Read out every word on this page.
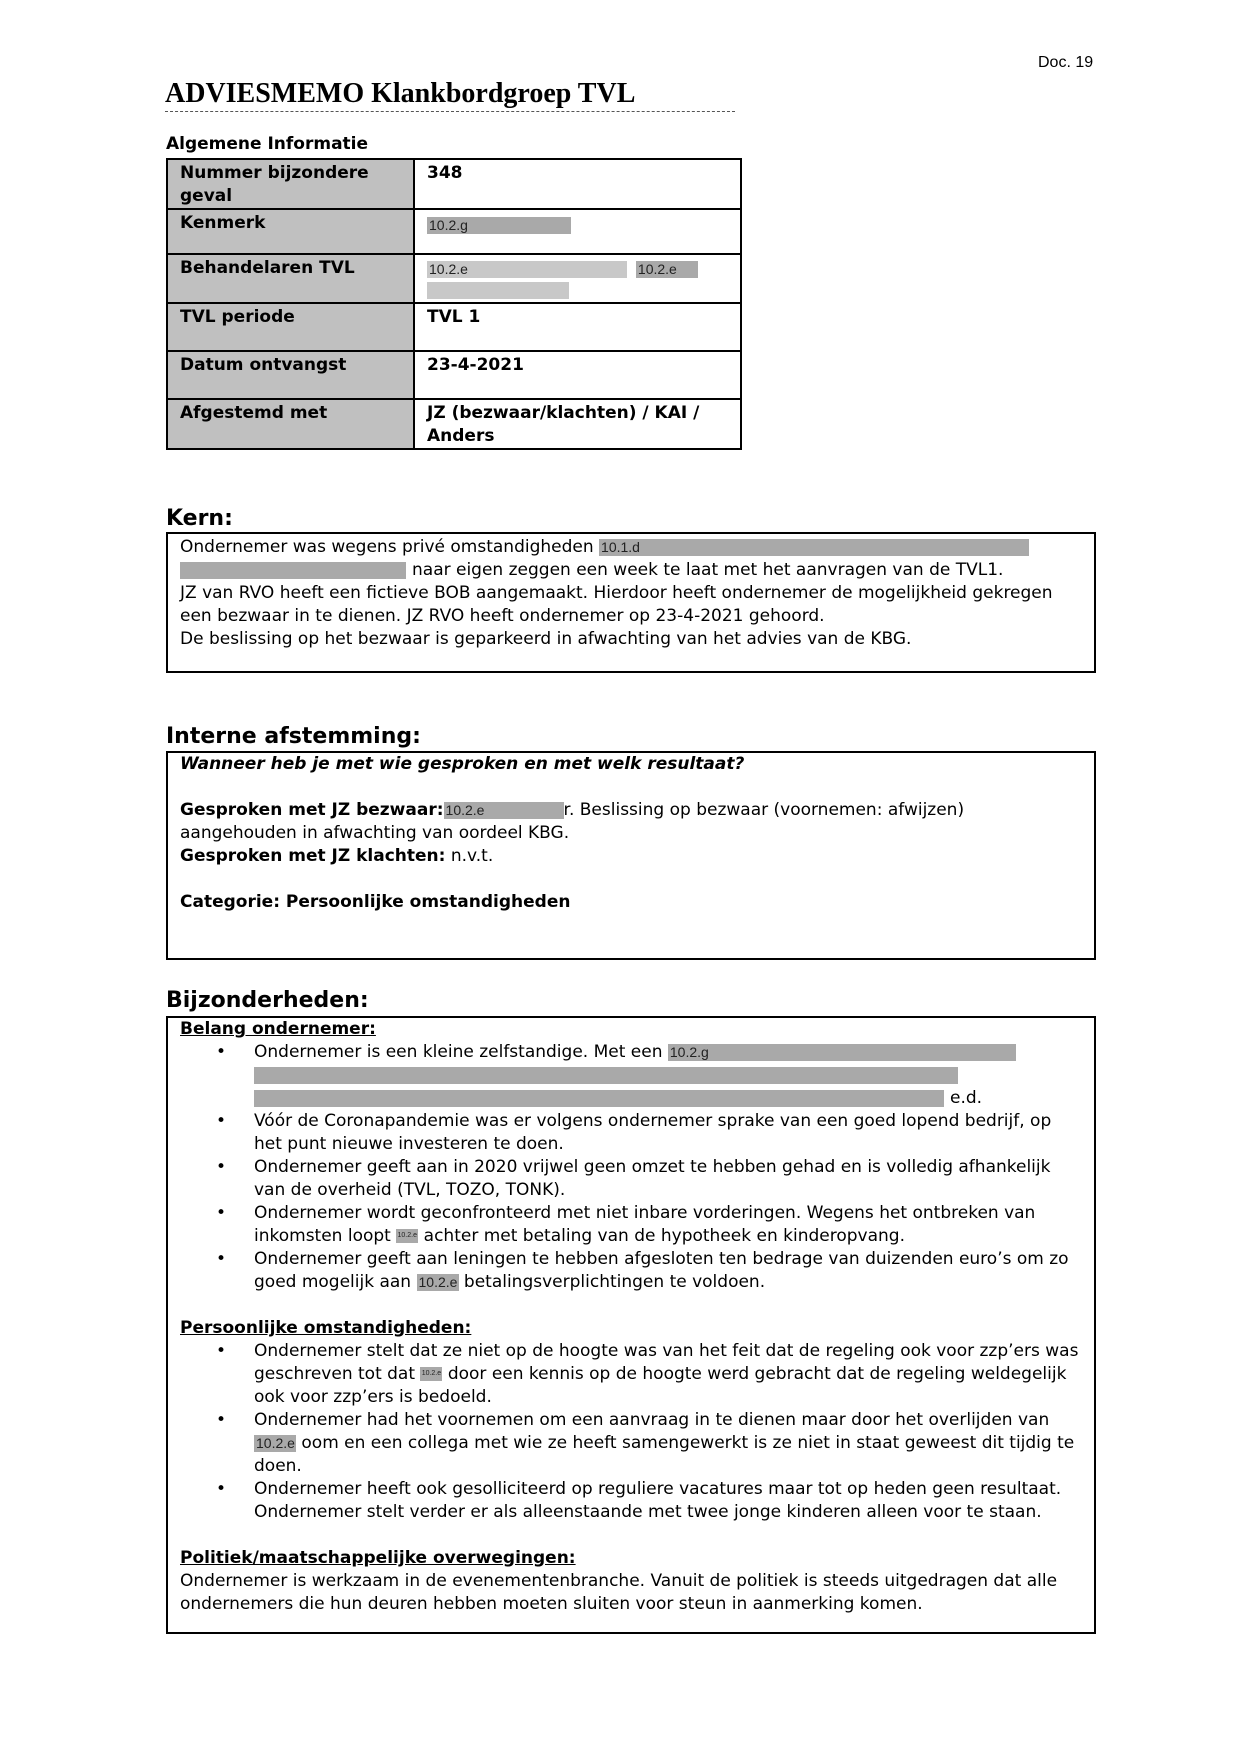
Doc. 19
ADVIESMEMO Klankbordgroep TVL
Algemene Informatie
Nummer bijzondere geval	348
Kenmerk	10.2.g
Behandelaren TVL	10.2.e 10.2.e

TVL periode	TVL 1
Datum ontvangst	23-4-2021
Afgestemd met	JZ (bezwaar/klachten) / KAI / Anders
Kern:

Ondernemer was wegens privé omstandigheden 10.1.d
naar eigen zeggen een week te laat met het aanvragen van de TVL1.
JZ van RVO heeft een fictieve BOB aangemaakt. Hierdoor heeft ondernemer de mogelijkheid gekregen een bezwaar in te dienen. JZ RVO heeft ondernemer op 23-4-2021 gehoord.
De beslissing op het bezwaar is geparkeerd in afwachting van het advies van de KBG.

Interne afstemming:

Wanneer heb je met wie gesproken en met welk resultaat?

Gesproken met JZ bezwaar: 10.2.e	r. Beslissing op bezwaar (voornemen: afwijzen) aangehouden in afwachting van oordeel KBG.

Gesproken met JZ klachten: n.v.t.

Categorie: Persoonlijke omstandigheden

Bijzonderheden:

Belang ondernemer:

• Ondernemer is een kleine zelfstandige. Met een 10.2.g

e.d.
• Vóór de Coronapandemie was er volgens ondernemer sprake van een goed lopend bedrijf, op het punt nieuwe investeren te doen.
• Ondernemer geeft aan in 2020 vrijwel geen omzet te hebben gehad en is volledig afhankelijk van de overheid (TVL, TOZO, TONK).
• Ondernemer wordt geconfronteerd met niet inbare vorderingen. Wegens het ontbreken van inkomsten loopt 10.2.e achter met betaling van de hypotheek en kinderopvang.
• Ondernemer geeft aan leningen te hebben afgesloten ten bedrage van duizenden euro’s om zo goed mogelijk aan 10.2.e betalingsverplichtingen te voldoen.

Persoonlijke omstandigheden:

• Ondernemer stelt dat ze niet op de hoogte was van het feit dat de regeling ook voor zzp’ers was geschreven tot dat 10.2.e door een kennis op de hoogte werd gebracht dat de regeling weldegelijk ook voor zzp’ers is bedoeld.
• Ondernemer had het voornemen om een aanvraag in te dienen maar door het overlijden van 10.2.e oom en een collega met wie ze heeft samengewerkt is ze niet in staat geweest dit tijdig te doen.
• Ondernemer heeft ook gesolliciteerd op reguliere vacatures maar tot op heden geen resultaat. Ondernemer stelt verder er als alleenstaande met twee jonge kinderen alleen voor te staan.

Politiek/maatschappelijke overwegingen:

Ondernemer is werkzaam in de evenementenbranche. Vanuit de politiek is steeds uitgedragen dat alle ondernemers die hun deuren hebben moeten sluiten voor steun in aanmerking komen.
